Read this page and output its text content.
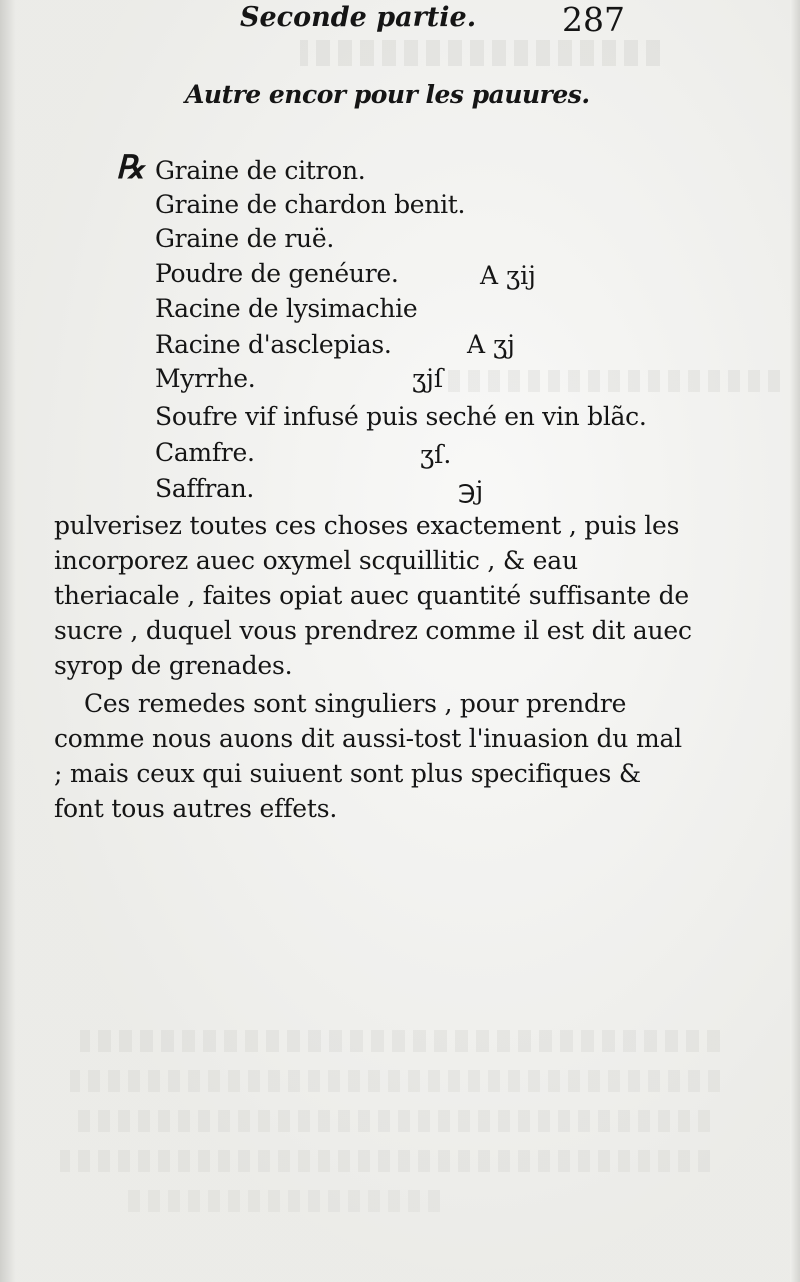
Seconde partie.	287
Autre encor pour les pauures.
℞ Graine de citron.
Graine de chardon benit.
Graine de ruë.
Poudre de genéure.	A ʒij
Racine de lysimachie
Racine d'asclepias.	A ʒj
Myrrhe.	ʒjſ
Soufre vif infusé puis seché en vin blãc.
Camfre.	ʒſ.
Saffran.	℈j
pulverisez toutes ces choses exactement , puis les incorporez auec oxymel scquillitic , & eau theriacale , faites opiat auec quantité suffisante de sucre , duquel vous prendrez comme il est dit auec syrop de grenades.
Ces remedes sont singuliers , pour prendre comme nous auons dit aussi-tost l'inuasion du mal ; mais ceux qui suiuent sont plus specifiques & font tous autres effets.
